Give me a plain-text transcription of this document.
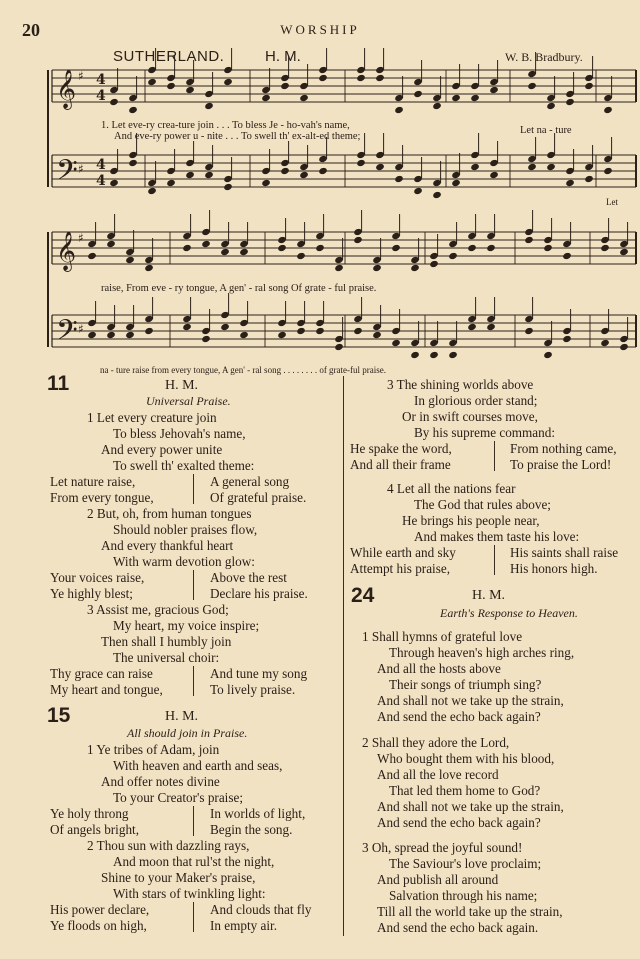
20	WORSHIP
SUTHERLAND.	H. M.	W. B. Bradbury.
𝄞 ♯ 4
4
𝄢 ♯ 4
4
𝄞 ♯
𝄢 ♯
1. Let eve-ry crea-ture join . . . To bless Je - ho-vah's name,
And eve-ry power u - nite . . . To swell th' ex-alt-ed theme;
Let na - ture
Let
raise, From eve - ry tongue, A gen' - ral song Of grate - ful praise.
na - ture raise from every tongue, A gen' - ral song . . . . . . . . of grate-ful praise.
11	H. M.
Universal Praise.
1 Let every creature join
To bless Jehovah's name,
And every power unite
To swell th' exalted theme:
Let nature raise,	A general song
From every tongue,	Of grateful praise.
2 But, oh, from human tongues
Should nobler praises flow,
And every thankful heart
With warm devotion glow:
Your voices raise,	Above the rest
Ye highly blest;	Declare his praise.
3 Assist me, gracious God;
My heart, my voice inspire;
Then shall I humbly join
The universal choir:
Thy grace can raise	And tune my song
My heart and tongue,	To lively praise.
15	H. M.
All should join in Praise.
1 Ye tribes of Adam, join
With heaven and earth and seas,
And offer notes divine
To your Creator's praise;
Ye holy throng	In worlds of light,
Of angels bright,	Begin the song.
2 Thou sun with dazzling rays,
And moon that rul'st the night,
Shine to your Maker's praise,
With stars of twinkling light:
His power declare,	And clouds that fly
Ye floods on high,	In empty air.
3 The shining worlds above
In glorious order stand;
Or in swift courses move,
By his supreme command:
He spake the word,	From nothing came,
And all their frame	To praise the Lord!
4 Let all the nations fear
The God that rules above;
He brings his people near,
And makes them taste his love:
While earth and sky	His saints shall raise
Attempt his praise,	His honors high.
24	H. M.
Earth's Response to Heaven.
1 Shall hymns of grateful love
Through heaven's high arches ring,
And all the hosts above
Their songs of triumph sing?
And shall not we take up the strain,
And send the echo back again?
2 Shall they adore the Lord,
Who bought them with his blood,
And all the love record
That led them home to God?
And shall not we take up the strain,
And send the echo back again?
3 Oh, spread the joyful sound!
The Saviour's love proclaim;
And publish all around
Salvation through his name;
Till all the world take up the strain,
And send the echo back again.
